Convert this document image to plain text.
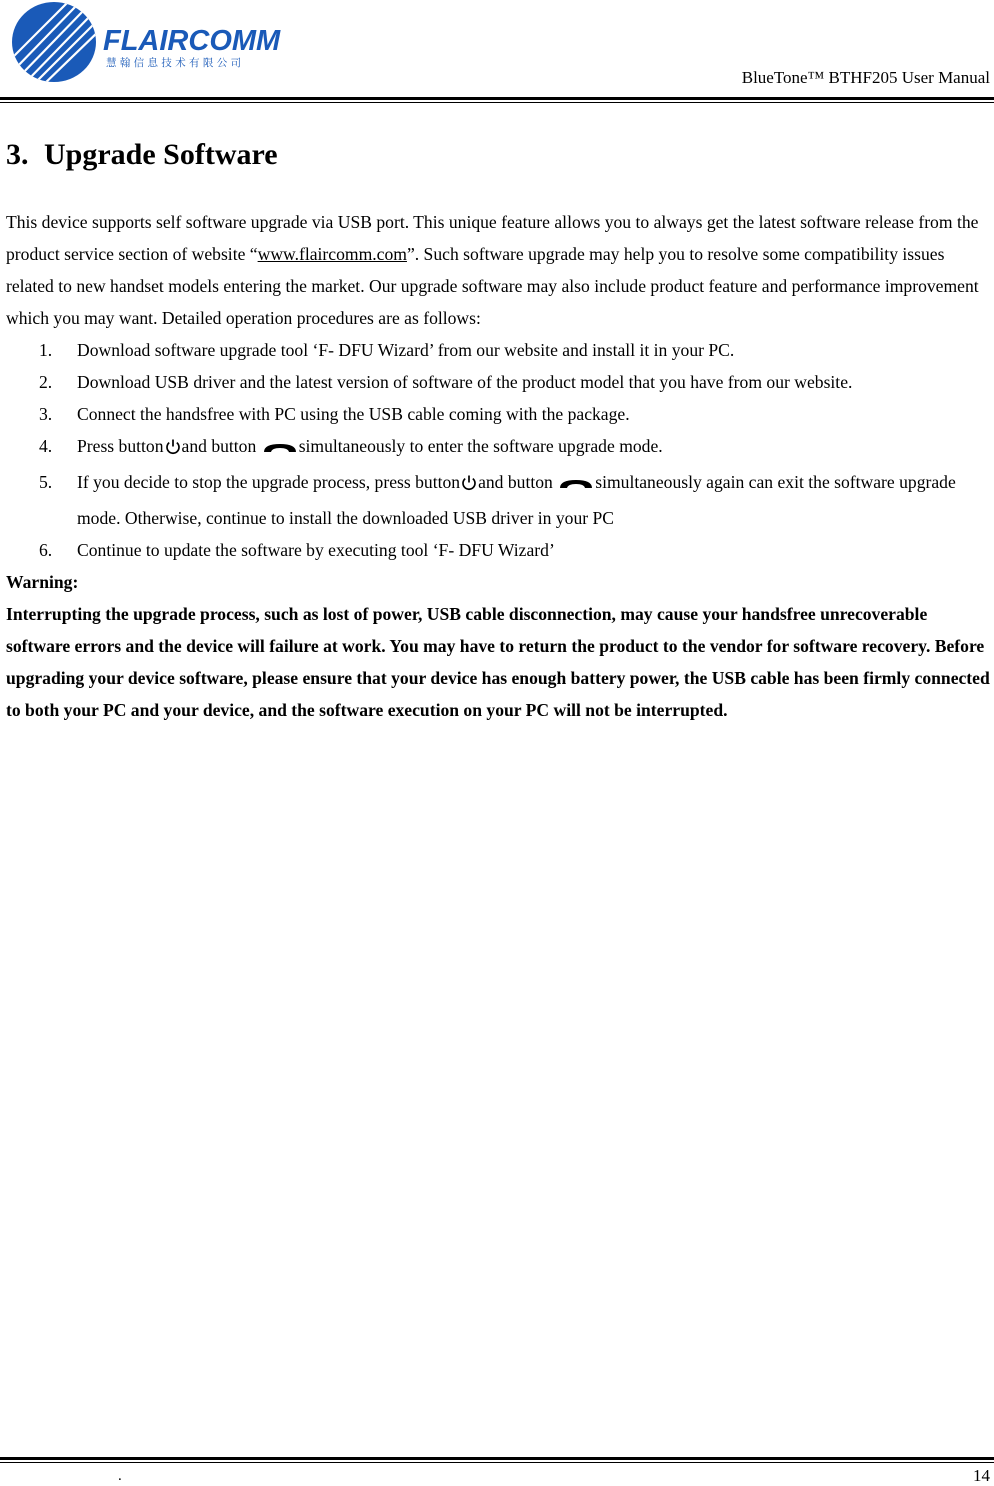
FLAIRCOMM
慧 翰 信 息 技 术 有 限 公 司
BlueTone™ BTHF205 User Manual
3. Upgrade Software

This device supports self software upgrade via USB port. This unique feature allows you to always get the latest software release from the product service section of website “www.flaircomm.com”. Such software upgrade may help you to resolve some compatibility issues related to new handset models entering the market. Our upgrade software may also include product feature and performance improvement which you may want. Detailed operation procedures are as follows:

1. Download software upgrade tool ‘F- DFU Wizard’ from our website and install it in your PC.
2. Download USB driver and the latest version of software of the product model that you have from our website.
3. Connect the handsfree with PC using the USB cable coming with the package.
4. Press button and button simultaneously to enter the software upgrade mode.
5. If you decide to stop the upgrade process, press button and button simultaneously again can exit the software upgrade mode. Otherwise, continue to install the downloaded USB driver in your PC
6. Continue to update the software by executing tool ‘F- DFU Wizard’

Warning:

Interrupting the upgrade process, such as lost of power, USB cable disconnection, may cause your handsfree unrecoverable software errors and the device will failure at work. You may have to return the product to the vendor for software recovery. Before upgrading your device software, please ensure that your device has enough battery power, the USB cable has been firmly connected to both your PC and your device, and the software execution on your PC will not be interrupted.

.	14
